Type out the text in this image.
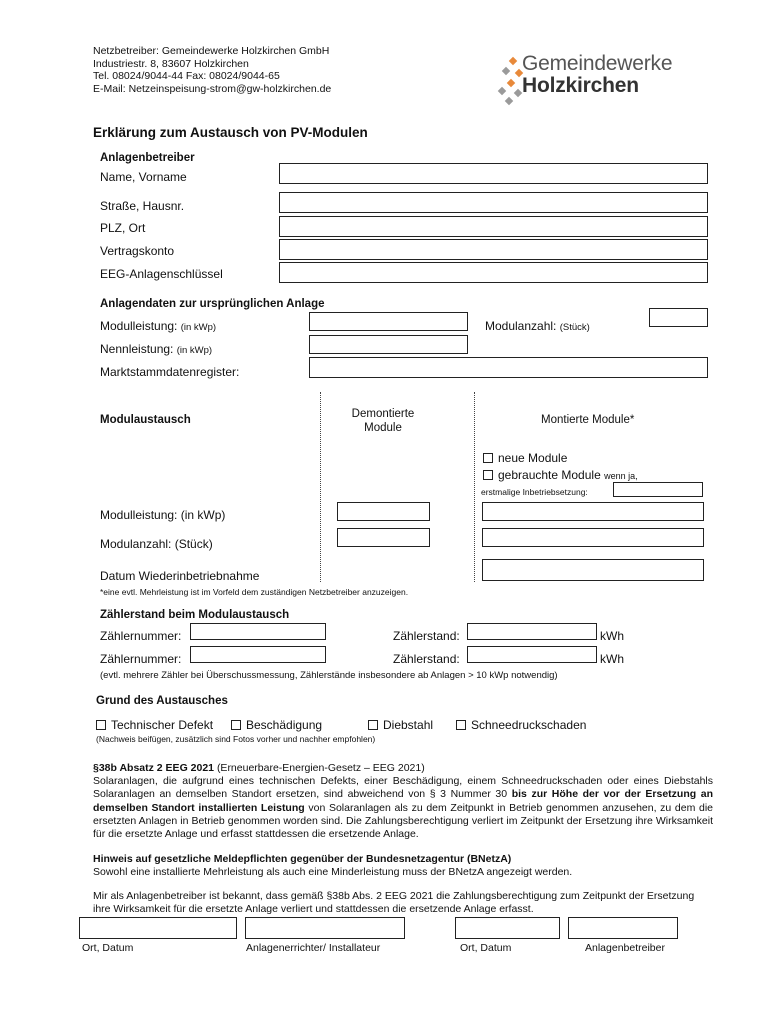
Netzbetreiber: Gemeindewerke Holzkirchen GmbH
Industriestr. 8, 83607 Holzkirchen
Tel. 08024/9044-44 Fax: 08024/9044-65
E-Mail: Netzeinspeisung-strom@gw-holzkirchen.de
Gemeindewerke
Holzkirchen
Erklärung zum Austausch von PV-Modulen
Anlagenbetreiber
Name, Vorname
Straße, Hausnr.
PLZ, Ort
Vertragskonto
EEG-Anlagenschlüssel
Anlagendaten zur ursprünglichen Anlage
Modulleistung: (in kWp)	Modulanzahl: (Stück)
Nennleistung: (in kWp)
Marktstammdatenregister:
Modulaustausch	Demontierte
Module
Montierte Module*
neue Module
gebrauchte Module wenn ja,
erstmalige Inbetriebsetzung:
Modulleistung: (in kWp)
Modulanzahl: (Stück)
Datum Wiederinbetriebnahme
*eine evtl. Mehrleistung ist im Vorfeld dem zuständigen Netzbetreiber anzuzeigen.
Zählerstand beim Modulaustausch
Zählernummer:	Zählerstand:	kWh
Zählernummer:	Zählerstand:	kWh
(evtl. mehrere Zähler bei Überschussmessung, Zählerstände insbesondere ab Anlagen > 10 kWp notwendig)
Grund des Austausches
Technischer Defekt	Beschädigung	Diebstahl	Schneedruckschaden
(Nachweis beifügen, zusätzlich sind Fotos vorher und nachher empfohlen)
§38b Absatz 2 EEG 2021 (Erneuerbare-Energien-Gesetz – EEG 2021)
Solaranlagen, die aufgrund eines technischen Defekts, einer Beschädigung, einem Schneedruckschaden oder eines Diebstahls Solaranlagen an demselben Standort ersetzen, sind abweichend von § 3 Nummer 30 bis zur Höhe der vor der Ersetzung an demselben Standort installierten Leistung von Solaranlagen als zu dem Zeitpunkt in Betrieb genommen anzusehen, zu dem die ersetzten Anlagen in Betrieb genommen worden sind. Die Zahlungsberechtigung verliert im Zeitpunkt der Ersetzung ihre Wirksamkeit für die ersetzte Anlage und erfasst stattdessen die ersetzende Anlage.
Hinweis auf gesetzliche Meldepflichten gegenüber der Bundesnetzagentur (BNetzA)
Sowohl eine installierte Mehrleistung als auch eine Minderleistung muss der BNetzA angezeigt werden.
Mir als Anlagenbetreiber ist bekannt, dass gemäß §38b Abs. 2 EEG 2021 die Zahlungsberechtigung zum Zeitpunkt der Ersetzung ihre Wirksamkeit für die ersetzte Anlage verliert und stattdessen die ersetzende Anlage erfasst.
Ort, Datum	Anlagenerrichter/ Installateur	Ort, Datum	Anlagenbetreiber
